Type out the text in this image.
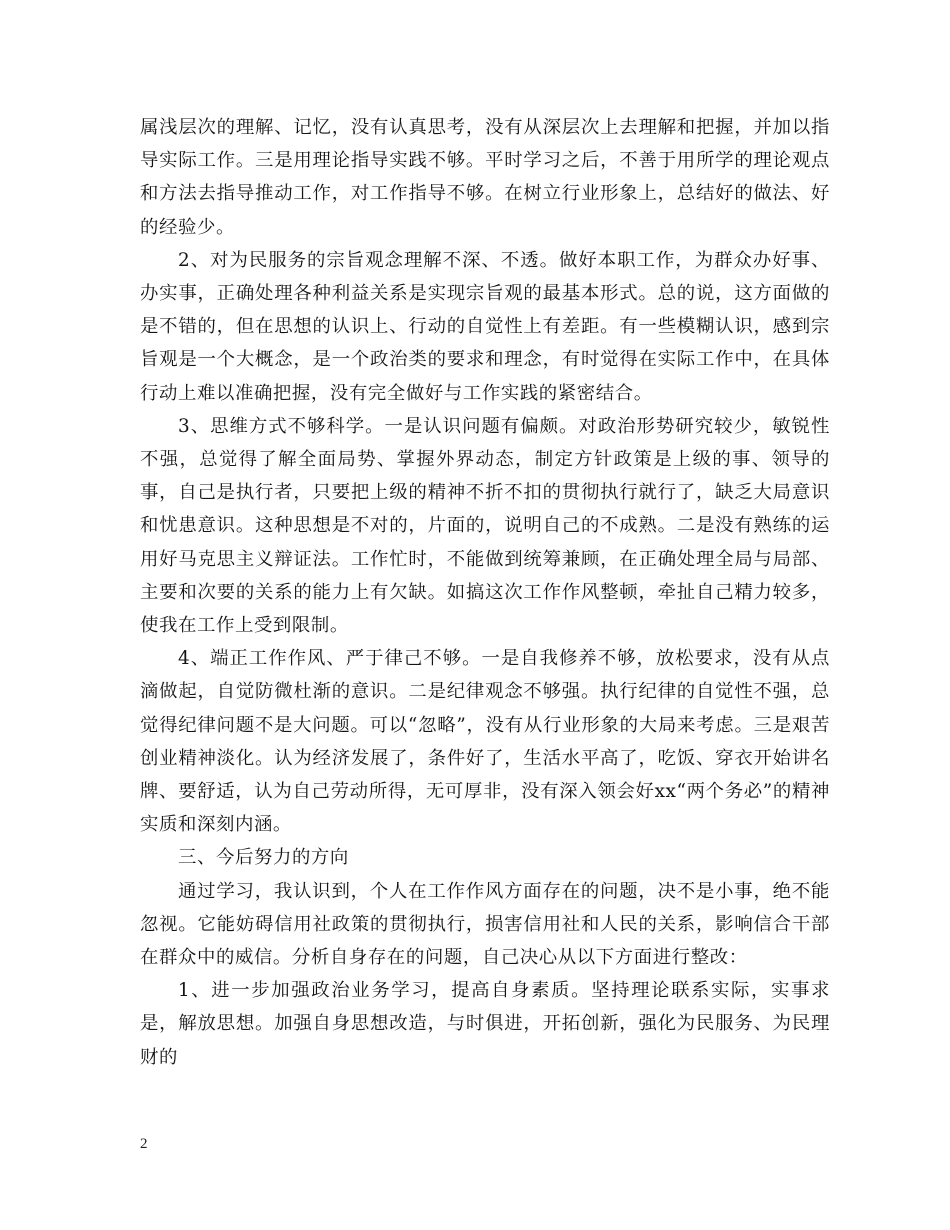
属浅层次的理解、记忆，没有认真思考，没有从深层次上去理解和把握，并加以指导实际工作。三是用理论指导实践不够。平时学习之后，不善于用所学的理论观点和方法去指导推动工作，对工作指导不够。在树立行业形象上，总结好的做法、好的经验少。

2、对为民服务的宗旨观念理解不深、不透。做好本职工作，为群众办好事、办实事，正确处理各种利益关系是实现宗旨观的最基本形式。总的说，这方面做的是不错的，但在思想的认识上、行动的自觉性上有差距。有一些模糊认识，感到宗旨观是一个大概念，是一个政治类的要求和理念，有时觉得在实际工作中，在具体行动上难以准确把握，没有完全做好与工作实践的紧密结合。

3、思维方式不够科学。一是认识问题有偏颇。对政治形势研究较少，敏锐性不强，总觉得了解全面局势、掌握外界动态，制定方针政策是上级的事、领导的事，自己是执行者，只要把上级的精神不折不扣的贯彻执行就行了，缺乏大局意识和忧患意识。这种思想是不对的，片面的，说明自己的不成熟。二是没有熟练的运用好马克思主义辩证法。工作忙时，不能做到统筹兼顾，在正确处理全局与局部、主要和次要的关系的能力上有欠缺。如搞这次工作作风整顿，牵扯自己精力较多，使我在工作上受到限制。

4、端正工作作风、严于律己不够。一是自我修养不够，放松要求，没有从点滴做起，自觉防微杜渐的意识。二是纪律观念不够强。执行纪律的自觉性不强，总觉得纪律问题不是大问题。可以“忽略”，没有从行业形象的大局来考虑。三是艰苦创业精神淡化。认为经济发展了，条件好了，生活水平高了，吃饭、穿衣开始讲名牌、要舒适，认为自己劳动所得，无可厚非，没有深入领会好xx“两个务必”的精神实质和深刻内涵。

三、今后努力的方向

通过学习，我认识到，个人在工作作风方面存在的问题，决不是小事，绝不能忽视。它能妨碍信用社政策的贯彻执行，损害信用社和人民的关系，影响信合干部在群众中的威信。分析自身存在的问题，自己决心从以下方面进行整改：

1、进一步加强政治业务学习，提高自身素质。坚持理论联系实际，实事求是，解放思想。加强自身思想改造，与时俱进，开拓创新，强化为民服务、为民理财的

2
